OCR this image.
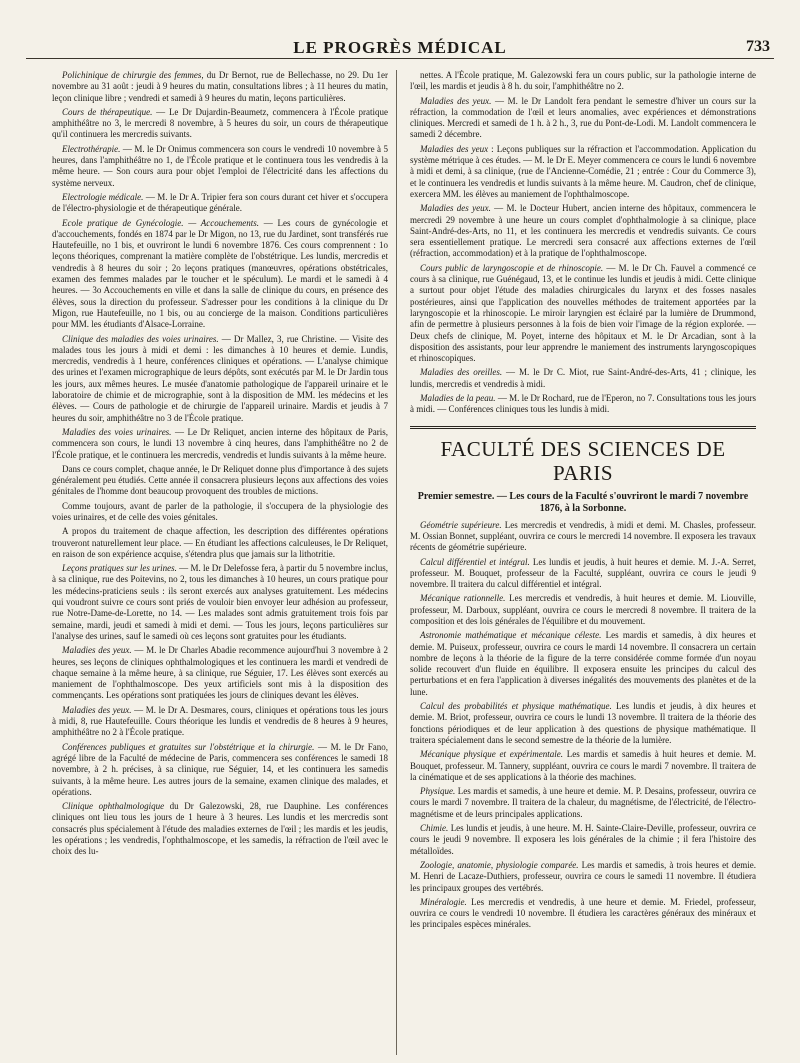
LE PROGRÈS MÉDICAL	733

Polichinique de chirurgie des femmes, du Dr Bernot, rue de Bellechasse, no 29. Du 1er novembre au 31 août : jeudi à 9 heures du matin, consultations libres ; à 11 heures du matin, leçon clinique libre ; vendredi et samedi à 9 heures du matin, leçons particulières.

Cours de thérapeutique. — Le Dr Dujardin-Beaumetz, commencera à l'École pratique amphithéâtre no 3, le mercredi 8 novembre, à 5 heures du soir, un cours de thérapeutique qu'il continuera les mercredis suivants.

Electrothérapie. — M. le Dr Onimus commencera son cours le vendredi 10 novembre à 5 heures, dans l'amphithéâtre no 1, de l'École pratique et le continuera tous les vendredis à la même heure. — Son cours aura pour objet l'emploi de l'électricité dans les affections du système nerveux.

Electrologie médicale. — M. le Dr A. Tripier fera son cours durant cet hiver et s'occupera de l'électro-physiologie et de thérapeutique générale.

Ecole pratique de Gynécologie. — Accouchements. — Les cours de gynécologie et d'accouchements, fondés en 1874 par le Dr Migon, no 13, rue du Jardinet, sont transférés rue Hautefeuille, no 1 bis, et ouvriront le lundi 6 novembre 1876. Ces cours comprennent : 1o leçons théoriques, comprenant la matière complète de l'obstétrique. Les lundis, mercredis et vendredis à 8 heures du soir ; 2o leçons pratiques (manœuvres, opérations obstétricales, examen des femmes malades par le toucher et le spéculum). Le mardi et le samedi à 4 heures. — 3o Accouchements en ville et dans la salle de clinique du cours, en présence des élèves, sous la direction du professeur. S'adresser pour les conditions à la clinique du Dr Migon, rue Hautefeuille, no 1 bis, ou au concierge de la maison. Conditions particulières pour MM. les étudiants d'Alsace-Lorraine.

Clinique des maladies des voies urinaires. — Dr Mallez, 3, rue Christine. — Visite des malades tous les jours à midi et demi : les dimanches à 10 heures et demie. Lundis, mercredis, vendredis à 1 heure, conférences cliniques et opérations. — L'analyse chimique des urines et l'examen micrographique de leurs dépôts, sont exécutés par M. le Dr Jardin tous les jours, aux mêmes heures. Le musée d'anatomie pathologique de l'appareil urinaire et le laboratoire de chimie et de micrographie, sont à la disposition de MM. les médecins et les élèves. — Cours de pathologie et de chirurgie de l'appareil urinaire. Mardis et jeudis à 7 heures du soir, amphithéâtre no 3 de l'École pratique.

Maladies des voies urinaires. — Le Dr Reliquet, ancien interne des hôpitaux de Paris, commencera son cours, le lundi 13 novembre à cinq heures, dans l'amphithéâtre no 2 de l'École pratique, et le continuera les mercredis, vendredis et lundis suivants à la même heure.

Dans ce cours complet, chaque année, le Dr Reliquet donne plus d'importance à des sujets généralement peu étudiés. Cette année il consacrera plusieurs leçons aux affections des voies génitales de l'homme dont beaucoup provoquent des troubles de mictions.

Comme toujours, avant de parler de la pathologie, il s'occupera de la physiologie des voies urinaires, et de celle des voies génitales.

A propos du traitement de chaque affection, les description des différentes opérations trouveront naturellement leur place. — En étudiant les affections calculeuses, le Dr Reliquet, en raison de son expérience acquise, s'étendra plus que jamais sur la lithotritie.

Leçons pratiques sur les urines. — M. le Dr Delefosse fera, à partir du 5 novembre inclus, à sa clinique, rue des Poitevins, no 2, tous les dimanches à 10 heures, un cours pratique pour les médecins-praticiens seuls : ils seront exercés aux analyses gratuitement. Les médecins qui voudront suivre ce cours sont priés de vouloir bien envoyer leur adhésion au professeur, rue Notre-Dame-de-Lorette, no 14. — Les malades sont admis gratuitement trois fois par semaine, mardi, jeudi et samedi à midi et demi. — Tous les jours, leçons particulières sur l'analyse des urines, sauf le samedi où ces leçons sont gratuites pour les étudiants.

Maladies des yeux. — M. le Dr Charles Abadie recommence aujourd'hui 3 novembre à 2 heures, ses leçons de cliniques ophthalmologiques et les continuera les mardi et vendredi de chaque semaine à la même heure, à sa clinique, rue Séguier, 17. Les élèves sont exercés au maniement de l'ophthalmoscope. Des yeux artificiels sont mis à la disposition des commençants. Les opérations sont pratiquées les jours de cliniques devant les élèves.

Maladies des yeux. — M. le Dr A. Desmares, cours, cliniques et opérations tous les jours à midi, 8, rue Hautefeuille. Cours théorique les lundis et vendredis de 8 heures à 9 heures, amphithéâtre no 2 à l'École pratique.

Conférences publiques et gratuites sur l'obstétrique et la chirurgie. — M. le Dr Fano, agrégé libre de la Faculté de médecine de Paris, commencera ses conférences le samedi 18 novembre, à 2 h. précises, à sa clinique, rue Séguier, 14, et les continuera les samedis suivants, à la même heure. Les autres jours de la semaine, examen clinique des malades, et opérations.

Clinique ophthalmologique du Dr Galezowski, 28, rue Dauphine. Les conférences cliniques ont lieu tous les jours de 1 heure à 3 heures. Les lundis et les mercredis sont consacrés plus spécialement à l'étude des maladies externes de l'œil ; les mardis et les jeudis, les opérations ; les vendredis, l'ophthalmoscope, et les samedis, la réfraction de l'œil avec le choix des lu-

nettes. A l'École pratique, M. Galezowski fera un cours public, sur la pathologie interne de l'œil, les mardis et jeudis à 8 h. du soir, l'amphithéâtre no 2.

Maladies des yeux. — M. le Dr Landolt fera pendant le semestre d'hiver un cours sur la réfraction, la commodation de l'œil et leurs anomalies, avec expériences et démonstrations cliniques. Mercredi et samedi de 1 h. à 2 h., 3, rue du Pont-de-Lodi. M. Landolt commencera le samedi 2 décembre.

Maladies des yeux : Leçons publiques sur la réfraction et l'accommodation. Application du système métrique à ces études. — M. le Dr E. Meyer commencera ce cours le lundi 6 novembre à midi et demi, à sa clinique, (rue de l'Ancienne-Comédie, 21 ; entrée : Cour du Commerce 3), et le continuera les vendredis et lundis suivants à la même heure. M. Caudron, chef de clinique, exercera MM. les élèves au maniement de l'ophthalmoscope.

Maladies des yeux. — M. le Docteur Hubert, ancien interne des hôpitaux, commencera le mercredi 29 novembre à une heure un cours complet d'ophthalmologie à sa clinique, place Saint-André-des-Arts, no 11, et les continuera les mercredis et vendredis suivants. Ce cours sera essentiellement pratique. Le mercredi sera consacré aux affections externes de l'œil (réfraction, accommodation) et à la pratique de l'ophthalmoscope.

Cours public de laryngoscopie et de rhinoscopie. — M. le Dr Ch. Fauvel a commencé ce cours à sa clinique, rue Guénégaud, 13, et le continue les lundis et jeudis à midi. Cette clinique a surtout pour objet l'étude des maladies chirurgicales du larynx et des fosses nasales postérieures, ainsi que l'application des nouvelles méthodes de traitement apportées par la laryngoscopie et la rhinoscopie. Le miroir laryngien est éclairé par la lumière de Drummond, afin de permettre à plusieurs personnes à la fois de bien voir l'image de la région explorée. — Deux chefs de clinique, M. Poyet, interne des hôpitaux et M. le Dr Arcadian, sont à la disposition des assistants, pour leur apprendre le maniement des instruments laryngoscopiques et rhinoscopiques.

Maladies des oreilles. — M. le Dr C. Miot, rue Saint-André-des-Arts, 41 ; clinique, les lundis, mercredis et vendredis à midi.

Maladies de la peau. — M. le Dr Rochard, rue de l'Eperon, no 7. Consultations tous les jours à midi. — Conférences cliniques tous les lundis à midi.

FACULTÉ DES SCIENCES DE PARIS
Premier semestre. — Les cours de la Faculté s'ouvriront le mardi 7 novembre 1876, à la Sorbonne.

Géométrie supérieure. Les mercredis et vendredis, à midi et demi. M. Chasles, professeur. M. Ossian Bonnet, suppléant, ouvrira ce cours le mercredi 14 novembre. Il exposera les travaux récents de géométrie supérieure.

Calcul différentiel et intégral. Les lundis et jeudis, à huit heures et demie. M. J.-A. Serret, professeur. M. Bouquet, professeur de la Faculté, suppléant, ouvrira ce cours le jeudi 9 novembre. Il traitera du calcul différentiel et intégral.

Mécanique rationnelle. Les mercredis et vendredis, à huit heures et demie. M. Liouville, professeur, M. Darboux, suppléant, ouvrira ce cours le mercredi 8 novembre. Il traitera de la composition et des lois générales de l'équilibre et du mouvement.

Astronomie mathématique et mécanique céleste. Les mardis et samedis, à dix heures et demie. M. Puiseux, professeur, ouvrira ce cours le mardi 14 novembre. Il consacrera un certain nombre de leçons à la théorie de la figure de la terre considérée comme formée d'un noyau solide recouvert d'un fluide en équilibre. Il exposera ensuite les principes du calcul des perturbations et en fera l'application à diverses inégalités des mouvements des planètes et de la lune.

Calcul des probabilités et physique mathématique. Les lundis et jeudis, à dix heures et demie. M. Briot, professeur, ouvrira ce cours le lundi 13 novembre. Il traitera de la théorie des fonctions périodiques et de leur application à des questions de physique mathématique. Il traitera spécialement dans le second semestre de la théorie de la lumière.

Mécanique physique et expérimentale. Les mardis et samedis à huit heures et demie. M. Bouquet, professeur. M. Tannery, suppléant, ouvrira ce cours le mardi 7 novembre. Il traitera de la cinématique et de ses applications à la théorie des machines.

Physique. Les mardis et samedis, à une heure et demie. M. P. Desains, professeur, ouvrira ce cours le mardi 7 novembre. Il traitera de la chaleur, du magnétisme, de l'électricité, de l'électro-magnétisme et de leurs principales applications.

Chimie. Les lundis et jeudis, à une heure. M. H. Sainte-Claire-Deville, professeur, ouvrira ce cours le jeudi 9 novembre. Il exposera les lois générales de la chimie ; il fera l'histoire des métalloïdes.

Zoologie, anatomie, physiologie comparée. Les mardis et samedis, à trois heures et demie. M. Henri de Lacaze-Duthiers, professeur, ouvrira ce cours le samedi 11 novembre. Il étudiera les principaux groupes des vertébrés.

Minéralogie. Les mercredis et vendredis, à une heure et demie. M. Friedel, professeur, ouvrira ce cours le vendredi 10 novembre. Il étudiera les caractères généraux des minéraux et les principales espèces minérales.
